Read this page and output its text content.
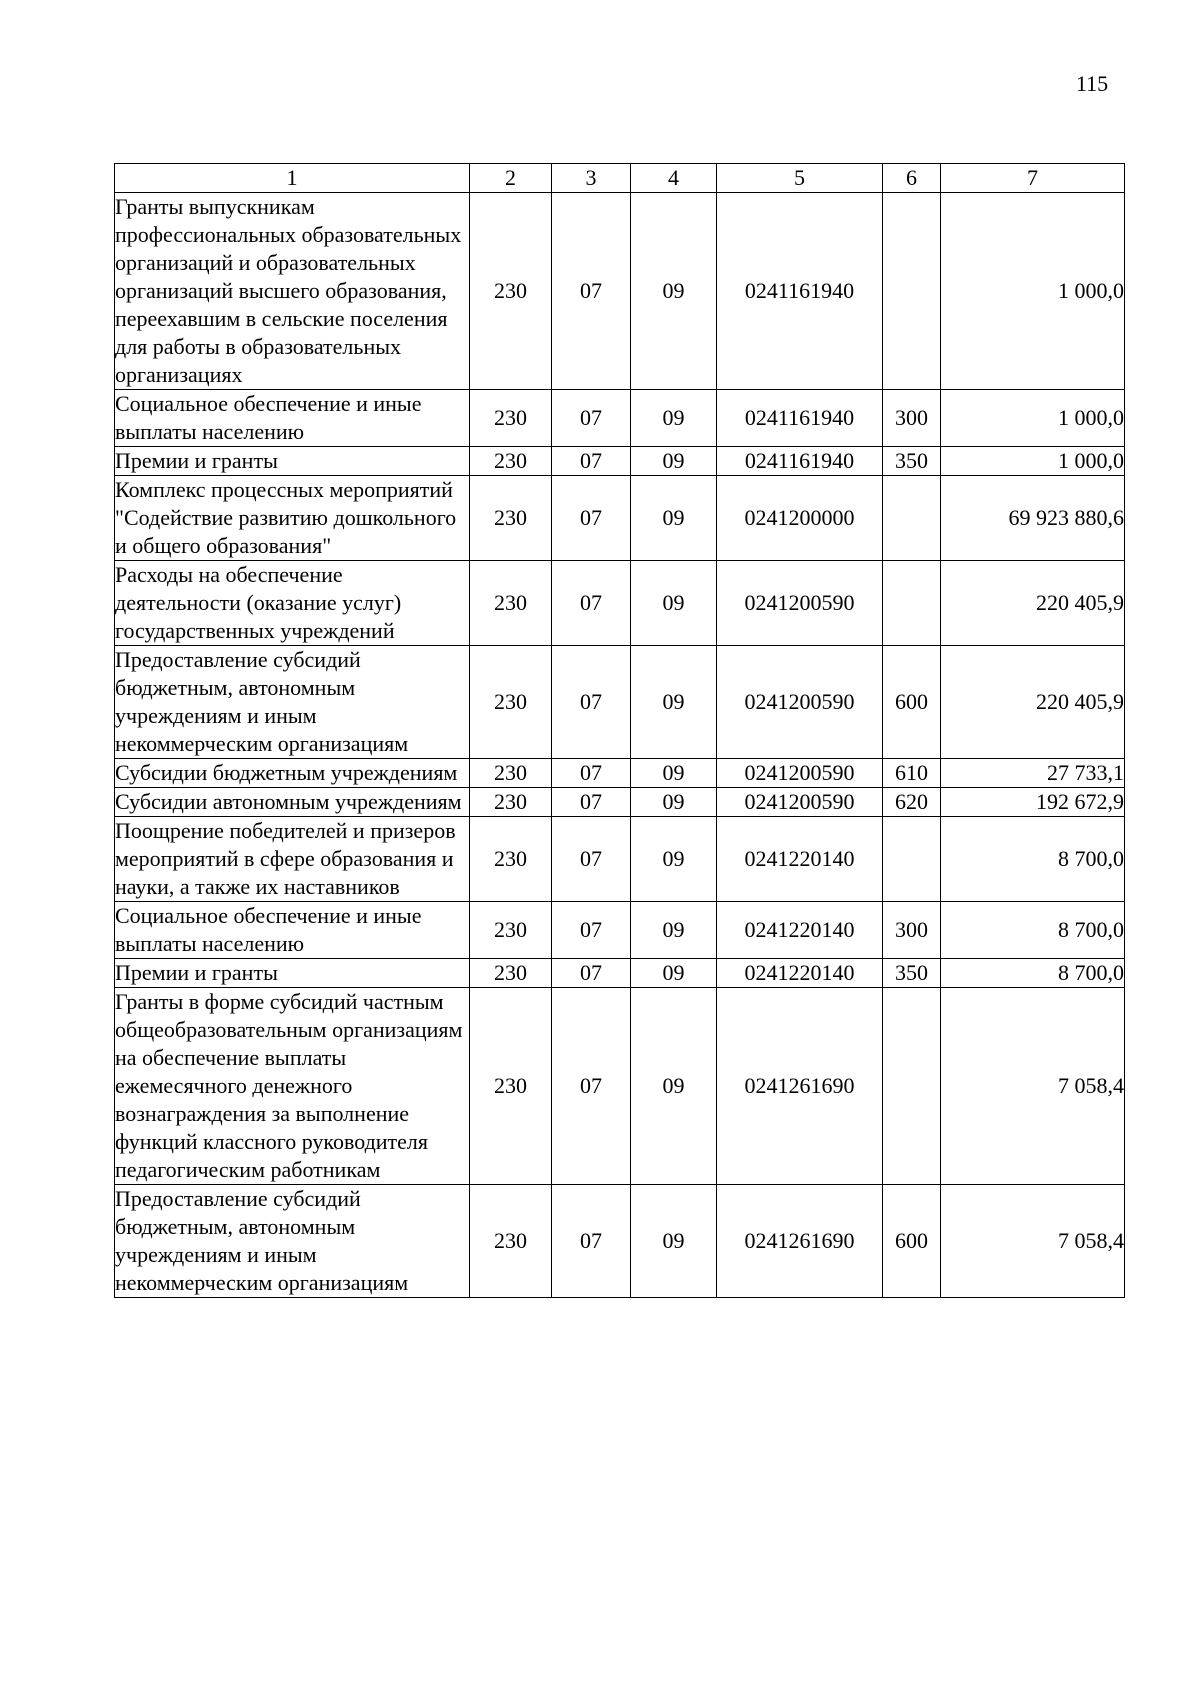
115
1	2	3	4	5	6	7
Гранты выпускникам профессиональных образовательных организаций и образовательных организаций высшего образования, переехавшим в сельские поселения для работы в образовательных организациях	230	07	09	0241161940		1 000,0
Социальное обеспечение и иные выплаты населению	230	07	09	0241161940	300	1 000,0
Премии и гранты	230	07	09	0241161940	350	1 000,0
Комплекс процессных мероприятий "Содействие развитию дошкольного и общего образования"	230	07	09	0241200000		69 923 880,6
Расходы на обеспечение деятельности (оказание услуг) государственных учреждений	230	07	09	0241200590		220 405,9
Предоставление субсидий бюджетным, автономным учреждениям и иным некоммерческим организациям	230	07	09	0241200590	600	220 405,9
Субсидии бюджетным учреждениям	230	07	09	0241200590	610	27 733,1
Субсидии автономным учреждениям	230	07	09	0241200590	620	192 672,9
Поощрение победителей и призеров мероприятий в сфере образования и науки, а также их наставников	230	07	09	0241220140		8 700,0
Социальное обеспечение и иные выплаты населению	230	07	09	0241220140	300	8 700,0
Премии и гранты	230	07	09	0241220140	350	8 700,0
Гранты в форме субсидий частным общеобразовательным организациям на обеспечение выплаты ежемесячного денежного вознаграждения за выполнение функций классного руководителя педагогическим работникам	230	07	09	0241261690		7 058,4
Предоставление субсидий бюджетным, автономным учреждениям и иным некоммерческим организациям	230	07	09	0241261690	600	7 058,4
